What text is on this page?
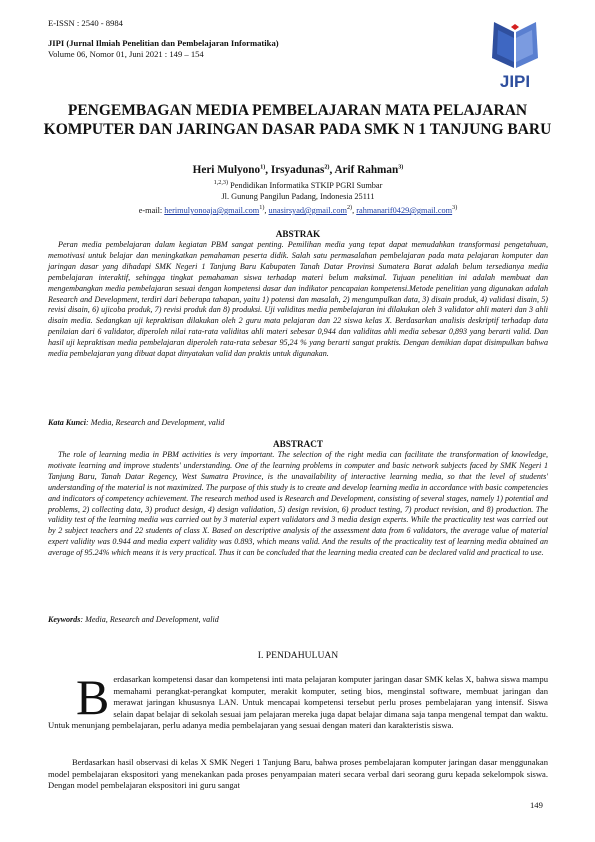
E-ISSN : 2540 - 8984
JIPI (Jurnal Ilmiah Penelitian dan Pembelajaran Informatika)
Volume 06, Nomor 01, Juni 2021 : 149 – 154
JIPI
PENGEMBAGAN MEDIA PEMBELAJARAN MATA PELAJARAN KOMPUTER DAN JARINGAN DASAR PADA SMK N 1 TANJUNG BARU
Heri Mulyono$^{1)}$, Irsyadunas$^{2)}$, Arif Rahman$^{3)}$
$^{1,2,3)}$ Pendidikan Informatika STKIP PGRI Sumbar
Jl. Gunung Pangilun Padang, Indonesia 25111
e-mail: herimulyonoaja@gmail.com$^{1)}$, unasirsyad@gmail.com$^{2)}$, rahmanarif0429@gmail.com$^{3)}$
ABSTRAK
Peran media pembelajaran dalam kegiatan PBM sangat penting. Pemilihan media yang tepat dapat memudahkan transformasi pengetahuan, memotivasi untuk belajar dan meningkatkan pemahaman peserta didik. Salah satu permasalahan pembelajaran pada mata pelajaran komputer dan jaringan dasar yang dihadapi SMK Negeri 1 Tanjung Baru Kabupaten Tanah Datar Provinsi Sumatera Barat adalah belum tersedianya media pembelajaran interaktif, sehingga tingkat pemahaman siswa terhadap materi belum maksimal. Tujuan penelitian ini adalah membuat dan mengembangkan media pembelajaran sesuai dengan kompetensi dasar dan indikator pencapaian kompetensi.Metode penelitian yang digunakan adalah Research and Development, terdiri dari beberapa tahapan, yaitu 1) potensi dan masalah, 2) mengumpulkan data, 3) disain produk, 4) validasi disain, 5) revisi disain, 6) ujicoba produk, 7) revisi produk dan 8) produksi. Uji validitas media pembelajaran ini dilakukan oleh 3 validator ahli materi dan 3 ahli disain media. Sedangkan uji kepraktisan dilakukan oleh 2 guru mata pelajaran dan 22 siswa kelas X. Berdasarkan analisis deskriptif terhadap data penilaian dari 6 validator, diperoleh nilai rata-rata validitas ahli materi sebesar 0,944 dan validitas ahli media sebesar 0,893 yang berarti valid. Dan hasil uji kepraktisan media pembelajaran diperoleh rata-rata sebesar 95,24 % yang berarti sangat praktis. Dengan demikian dapat disimpulkan bahwa media pembelajaran yang dibuat dapat dinyatakan valid dan praktis untuk digunakan.
Kata Kunci: Media, Research and Development, valid
ABSTRACT
The role of learning media in PBM activities is very important. The selection of the right media can facilitate the transformation of knowledge, motivate learning and improve students' understanding. One of the learning problems in computer and basic network subjects faced by SMK Negeri 1 Tanjung Baru, Tanah Datar Regency, West Sumatra Province, is the unavailability of interactive learning media, so that the level of students' understanding of the material is not maximized. The purpose of this study is to create and develop learning media in accordance with basic competencies and indicators of competency achievement. The research method used is Research and Development, consisting of several stages, namely 1) potential and problems, 2) collecting data, 3) product design, 4) design validation, 5) design revision, 6) product testing, 7) product revision, and 8) production. The validity test of the learning media was carried out by 3 material expert validators and 3 media design experts. While the practicality test was carried out by 2 subject teachers and 22 students of class X. Based on descriptive analysis of the assessment data from 6 validators, the average value of material expert validity was 0.944 and media expert validity was 0.893, which means valid. And the results of the practicality test of learning media obtained an average of 95.24% which means it is very practical. Thus it can be concluded that the learning media created can be declared valid and practical to use.
Keywords: Media, Research and Development, valid
I. PENDAHULUAN
Berdasarkan kompetensi dasar dan kompetensi inti mata pelajaran komputer jaringan dasar SMK kelas X, bahwa siswa mampu memahami perangkat-perangkat komputer, merakit komputer, seting bios, menginstal software, membuat jaringan dan merawat jaringan khususnya LAN. Untuk mencapai kompetensi tersebut perlu proses pembelajaran yang intensif. Siswa selain dapat belajar di sekolah sesuai jam pelajaran mereka juga dapat belajar dimana saja tanpa mengenal tempat dan waktu. Untuk menunjang pembelajaran, perlu adanya media pembelajaran yang sesuai dengan materi dan karakteristis siswa.
Berdasarkan hasil observasi di kelas X SMK Negeri 1 Tanjung Baru, bahwa proses pembelajaran komputer jaringan dasar menggunakan model pembelajaran ekspositori yang menekankan pada proses penyampaian materi secara verbal dari seorang guru kepada sekelompok siswa. Dengan model pembelajaran ekspositori ini guru sangat
149
